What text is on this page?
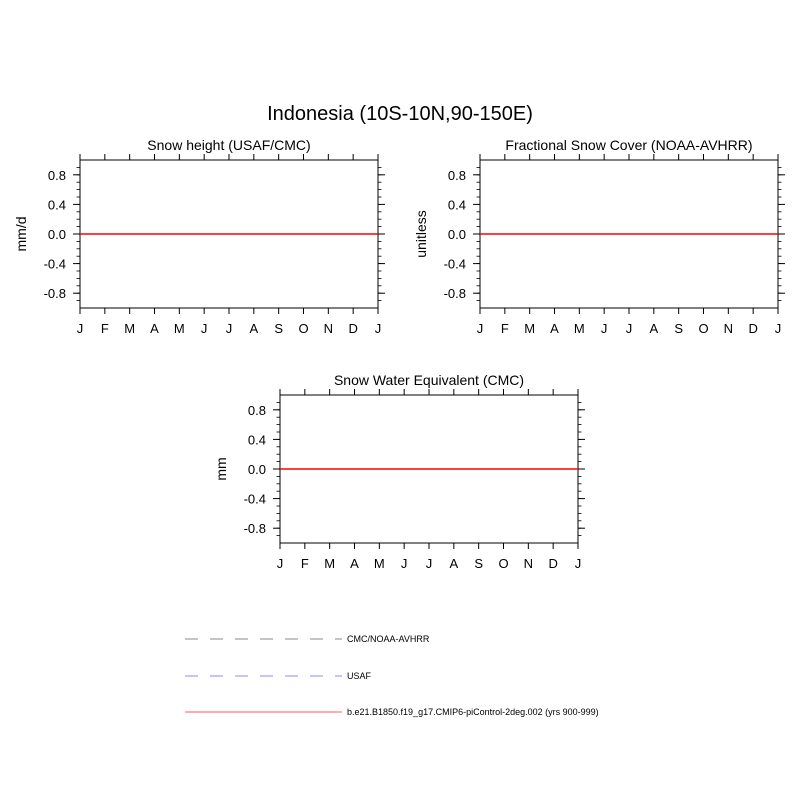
Indonesia (10S-10N,90-150E)
Snow height (USAF/CMC)
mm/d
J F M A M J J A S O N D J
0.8
0.4
0.0
-0.4
-0.8
Fractional Snow Cover (NOAA-AVHRR)
unitless
J F M A M J J A S O N D J
0.8
0.4
0.0
-0.4
-0.8
Snow Water Equivalent (CMC)
mm
J F M A M J J A S O N D J
0.8
0.4
0.0
-0.4
-0.8
CMC/NOAA-AVHRR
USAF
b.e21.B1850.f19_g17.CMIP6-piControl-2deg.002 (yrs 900-999)
